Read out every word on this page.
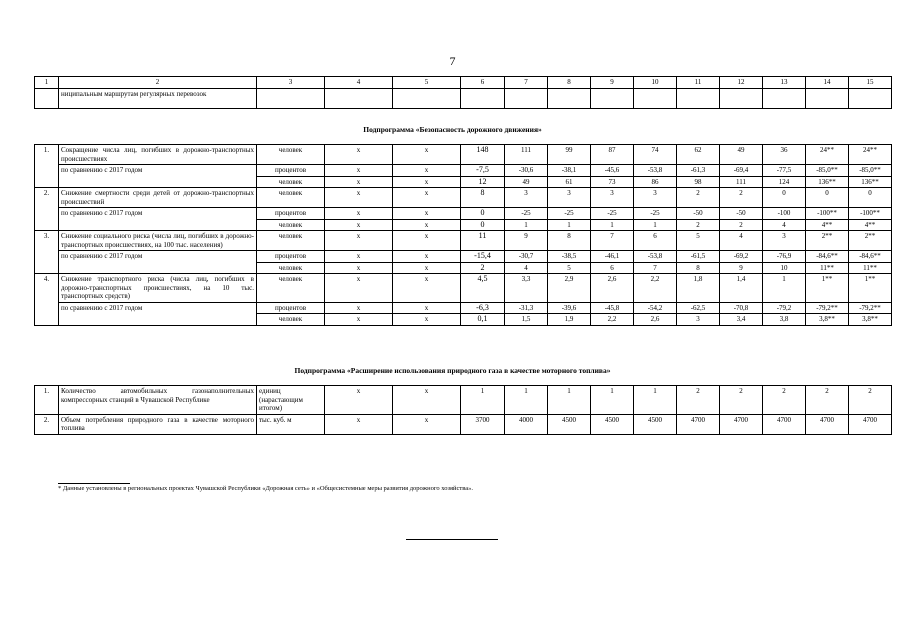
7
1	2	3	4	5	6	7	8	9	10	11	12	13	14	15
	ниципальным маршрутам регулярных перевозок													
Подпрограмма «Безопасность дорожного движения»
1.	Сокращение числа лиц, погибших в дорожно-транспортных происшествиях	человек	х	х	148	111	99	87	74	62	49	36	24**	24**
	по сравнению с 2017 годом	процентов	х	х	-7,5	-30,6	-38,1	-45,6	-53,8	-61,3	-69,4	-77,5	-85,0**	-85,0**
		человек	х	х	12	49	61	73	86	98	111	124	136**	136**
2.	Снижение смертности среди детей от дорожно-транспортных происшествий	человек	х	х	8	3	3	3	3	2	2	0	0	0
	по сравнению с 2017 годом	процентов	х	х	0	-25	-25	-25	-25	-50	-50	-100	-100**	-100**
		человек	х	х	0	1	1	1	1	2	2	4	4**	4**
3.	Снижение социального риска (числа лиц, погибших в дорожно-транспортных происшествиях, на 100 тыс. населения)	человек	х	х	11	9	8	7	6	5	4	3	2**	2**
	по сравнению с 2017 годом	процентов	х	х	-15,4	-30,7	-38,5	-46,1	-53,8	-61,5	-69,2	-76,9	-84,6**	-84,6**
		человек	х	х	2	4	5	6	7	8	9	10	11**	11**
4.	Снижение транспортного риска (числа лиц, погибших в дорожно-транспортных происшествиях, на 10 тыс. транспортных средств)	человек	х	х	4,5	3,3	2,9	2,6	2,2	1,8	1,4	1	1**	1**
	по сравнению с 2017 годом	процентов	х	х	-6,3	-31,3	-39,6	-45,8	-54,2	-62,5	-70,8	-79,2	-79,2**	-79,2**
		человек	х	х	0,1	1,5	1,9	2,2	2,6	3	3,4	3,8	3,8**	3,8**
Подпрограмма «Расширение использования природного газа в качестве моторного топлива»
1.	Количество автомобильных газонаполнительных компрессорных станций в Чувашской Республике	единиц (нарастающим итогом)	х	х	1	1	1	1	1	2	2	2	2	2
2.	Объем потребления природного газа в качестве моторного топлива	тыс. куб. м	х	х	3700	4000	4500	4500	4500	4700	4700	4700	4700	4700
* Данные установлены в региональных проектах Чувашской Республики «Дорожная сеть» и «Общесистемные меры развития дорожного хозяйства».
